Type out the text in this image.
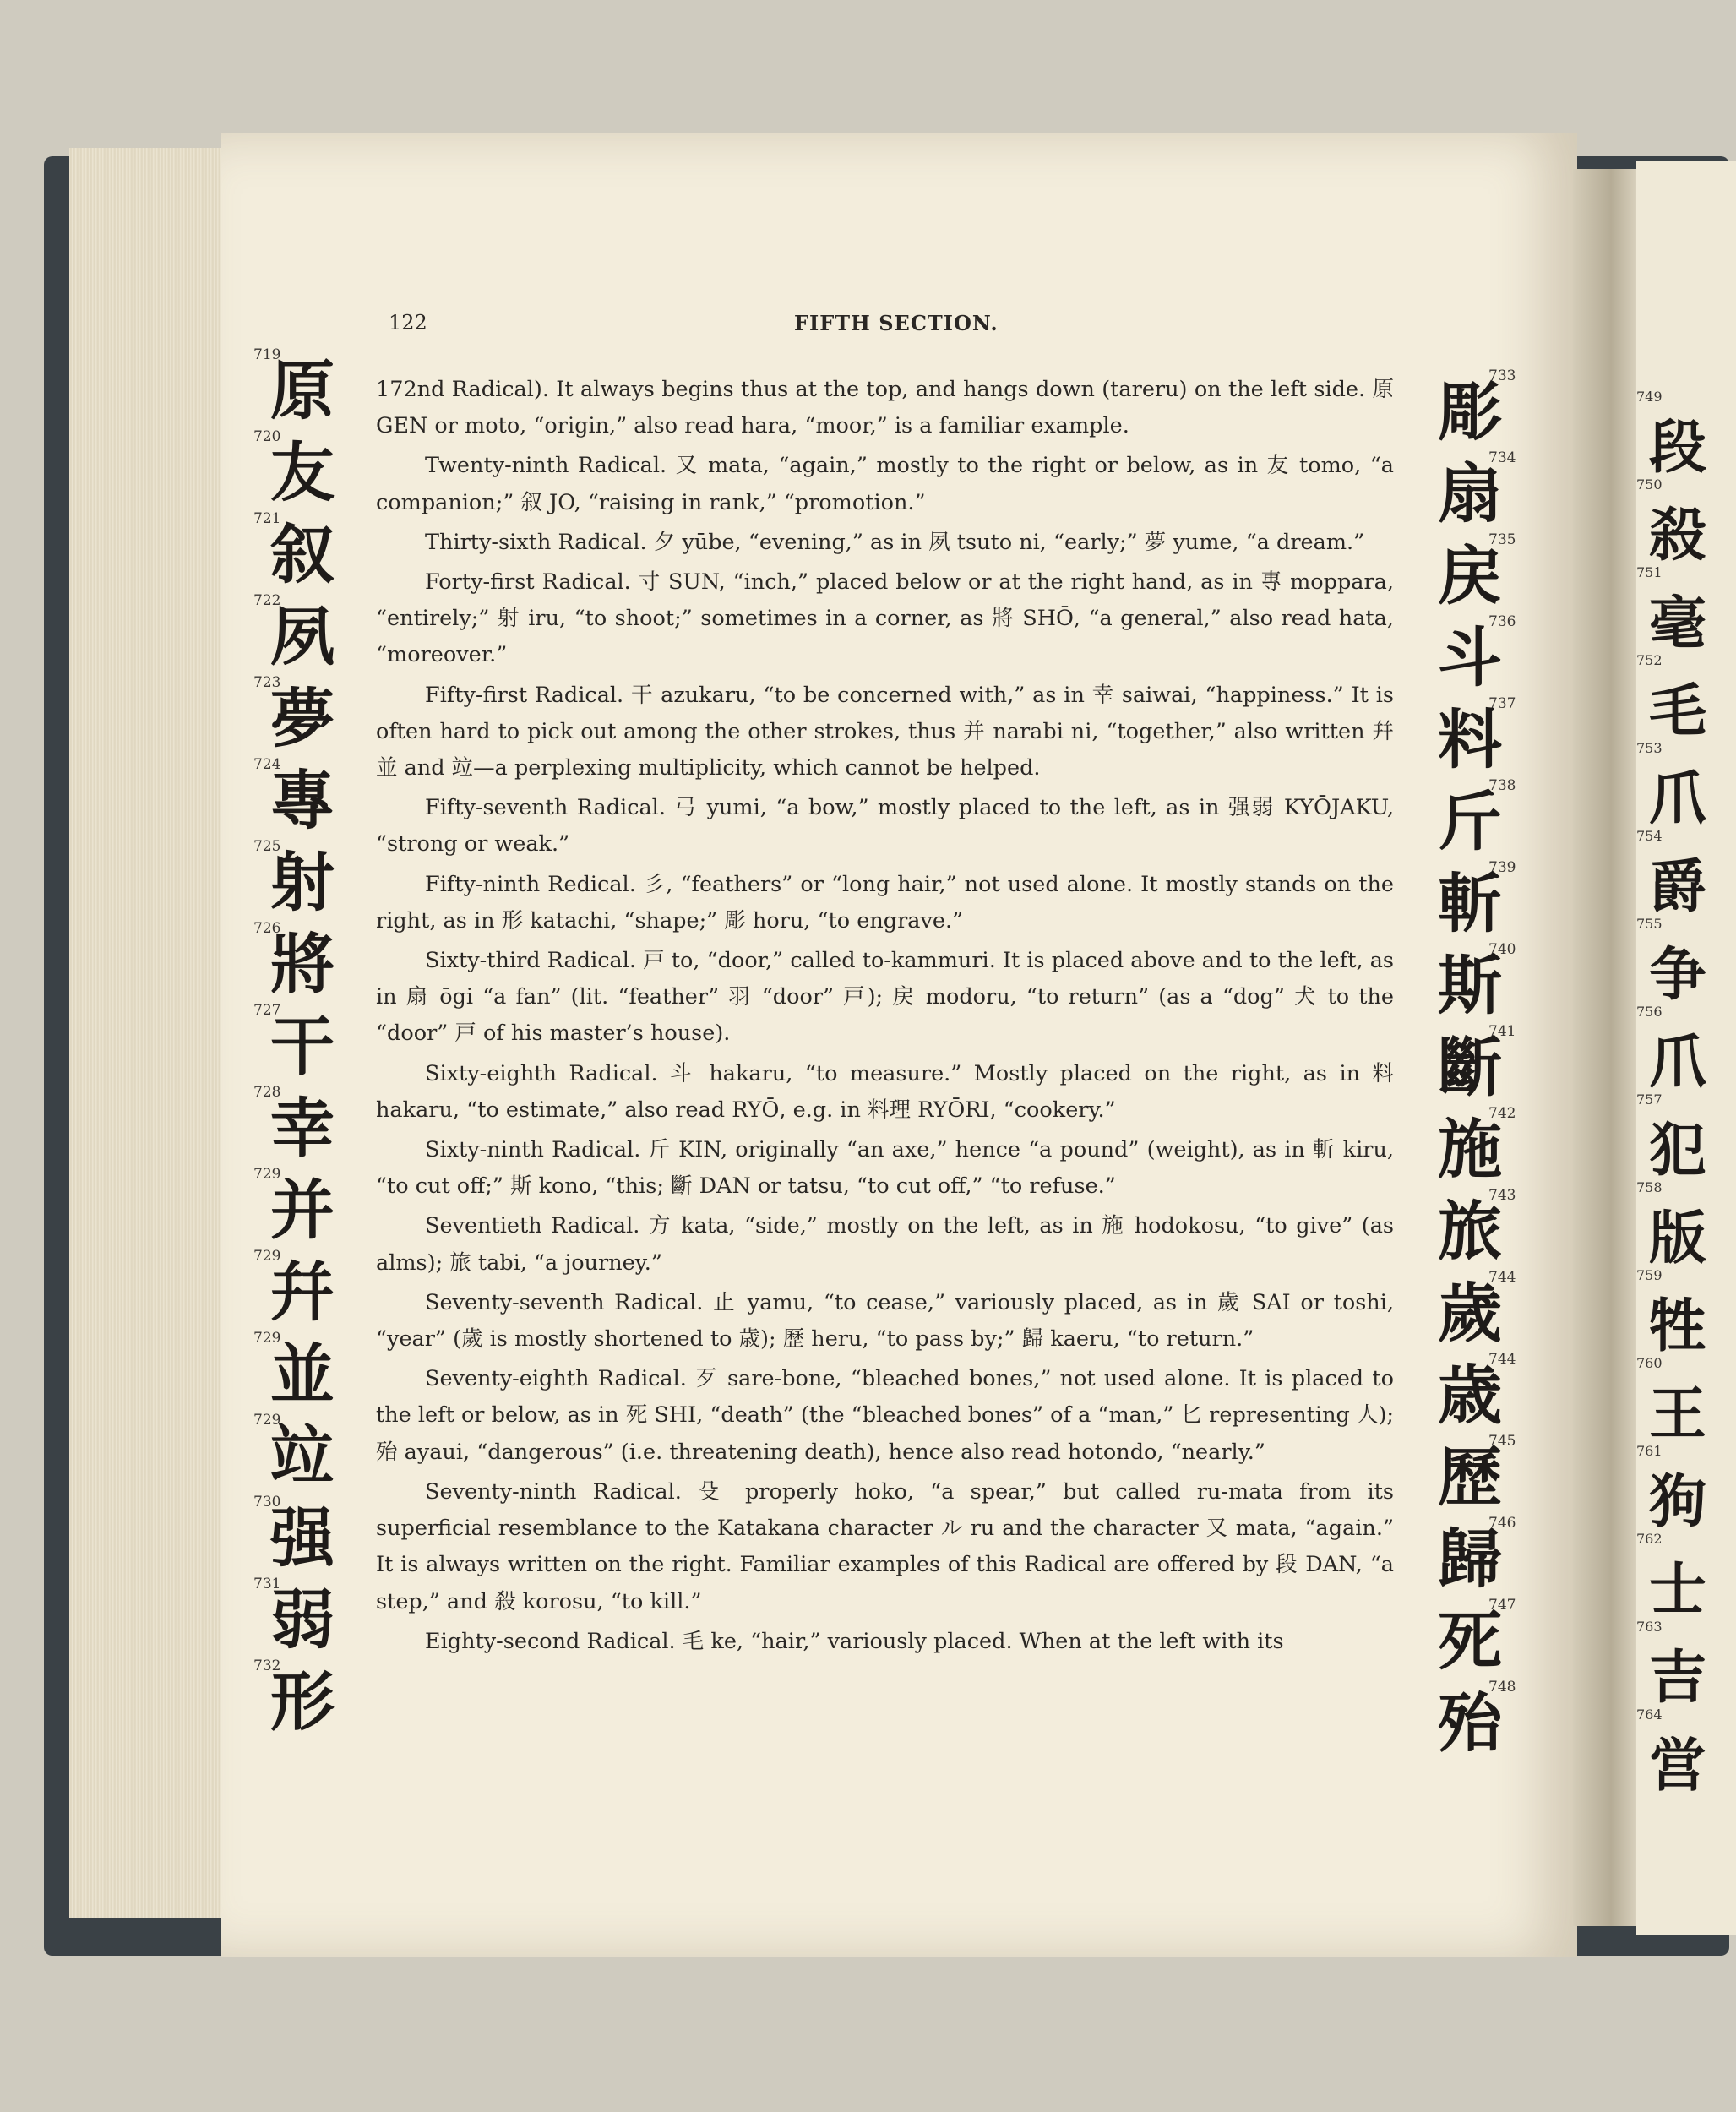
749
段
750
殺
751
毫
752
毛
753
爪
754
爵
755
争
756
爪
757
犯
758
版
759
牲
760
王
761
狗
762
士
763
吉
764
営
122	FIFTH SECTION.
719
原
720
友
721
叙
722
夙
723
夢
724
專
725
射
726
將
727
干
728
幸
729
并
729
幷
729
並
729
竝
730
强
731
弱
732
形
733
彫
734
扇
735
戻
736
斗
737
料
738
斤
739
斬
740
斯
741
斷
742
施
743
旅
744
歲
744
歳
745
歷
746
歸
747
死
748
殆

172nd Radical). It always begins thus at the top, and hangs down (tareru) on the left side. 原 GEN or moto, “origin,” also read hara, “moor,” is a familiar example.

Twenty-ninth Radical. 又 mata, “again,” mostly to the right or below, as in 友 tomo, “a companion;” 叙 JO, “raising in rank,” “promotion.”

Thirty-sixth Radical. 夕 yūbe, “evening,” as in 夙 tsuto ni, “early;” 夢 yume, “a dream.”

Forty-first Radical. 寸 SUN, “inch,” placed below or at the right hand, as in 專 moppara, “entirely;” 射 iru, “to shoot;” sometimes in a corner, as 將 SHŌ, “a general,” also read hata, “moreover.”

Fifty-first Radical. 干 azukaru, “to be concerned with,” as in 幸 saiwai, “happiness.” It is often hard to pick out among the other strokes, thus 并 narabi ni, “together,” also written 幷 並 and 竝—a perplexing multiplicity, which cannot be helped.

Fifty-seventh Radical. 弓 yumi, “a bow,” mostly placed to the left, as in 强弱 KYŌJAKU, “strong or weak.”

Fifty-ninth Redical. 彡, “feathers” or “long hair,” not used alone. It mostly stands on the right, as in 形 katachi, “shape;” 彫 horu, “to engrave.”

Sixty-third Radical. 戸 to, “door,” called to-kammuri. It is placed above and to the left, as in 扇 ōgi “a fan” (lit. “feather” 羽 “door” 戸); 戻 modoru, “to return” (as a “dog” 犬 to the “door” 戸 of his master’s house).

Sixty-eighth Radical. 斗 hakaru, “to measure.” Mostly placed on the right, as in 料 hakaru, “to estimate,” also read RYŌ, e.g. in 料理 RYŌRI, “cookery.”

Sixty-ninth Radical. 斤 KIN, originally “an axe,” hence “a pound” (weight), as in 斬 kiru, “to cut off;” 斯 kono, “this; 斷 DAN or tatsu, “to cut off,” “to refuse.”

Seventieth Radical. 方 kata, “side,” mostly on the left, as in 施 hodokosu, “to give” (as alms); 旅 tabi, “a journey.”

Seventy-seventh Radical. 止 yamu, “to cease,” variously placed, as in 歲 SAI or toshi, “year” (歲 is mostly shortened to 歳); 歷 heru, “to pass by;” 歸 kaeru, “to return.”

Seventy-eighth Radical. 歹 sare-bone, “bleached bones,” not used alone. It is placed to the left or below, as in 死 SHI, “death” (the “bleached bones” of a “man,” 匕 representing 人); 殆 ayaui, “dangerous” (i.e. threatening death), hence also read hotondo, “nearly.”

Seventy-ninth Radical. 殳 properly hoko, “a spear,” but called ru-mata from its superficial resemblance to the Katakana character ル ru and the character 又 mata, “again.” It is always written on the right. Familiar examples of this Radical are offered by 段 DAN, “a step,” and 殺 korosu, “to kill.”

Eighty-second Radical. 毛 ke, “hair,” variously placed. When at the left with its
